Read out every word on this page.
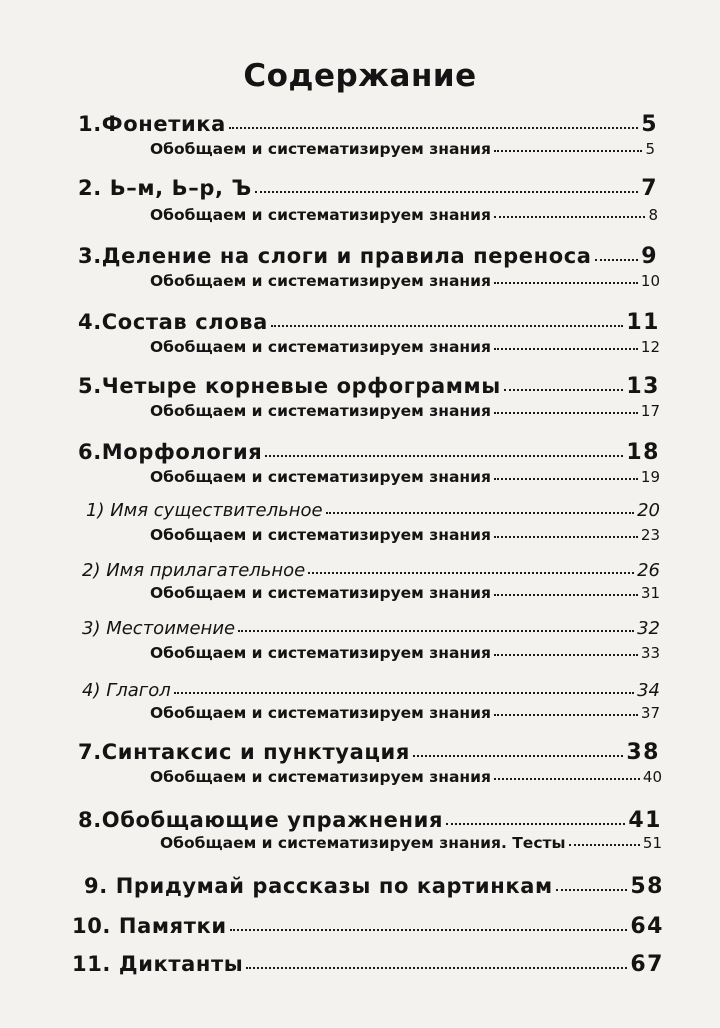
Содержание
1.Фонетика	5
Обобщаем и систематизируем знания	5
2. Ь–м, Ь–р, Ъ	7
Обобщаем и систематизируем знания	8
3.Деление на слоги и правила переноса 9
Обобщаем и систематизируем знания	10
4.Состав слова	11
Обобщаем и систематизируем знания	12
5.Четыре корневые орфограммы	13
Обобщаем и систематизируем знания	17
6.Морфология	18
Обобщаем и систематизируем знания	19
1) Имя существительное	20
Обобщаем и систематизируем знания	23
2) Имя прилагательное	26
Обобщаем и систематизируем знания	31
3) Местоимение	32
Обобщаем и систематизируем знания	33
4) Глагол	34
Обобщаем и систематизируем знания	37
7.Синтаксис и пунктуация	38
Обобщаем и систематизируем знания	40
8.Обобщающие упражнения	41
Обобщаем и систематизируем знания. Тесты	51
9. Придумай рассказы по картинкам	58
10. Памятки	64
11. Диктанты	67
